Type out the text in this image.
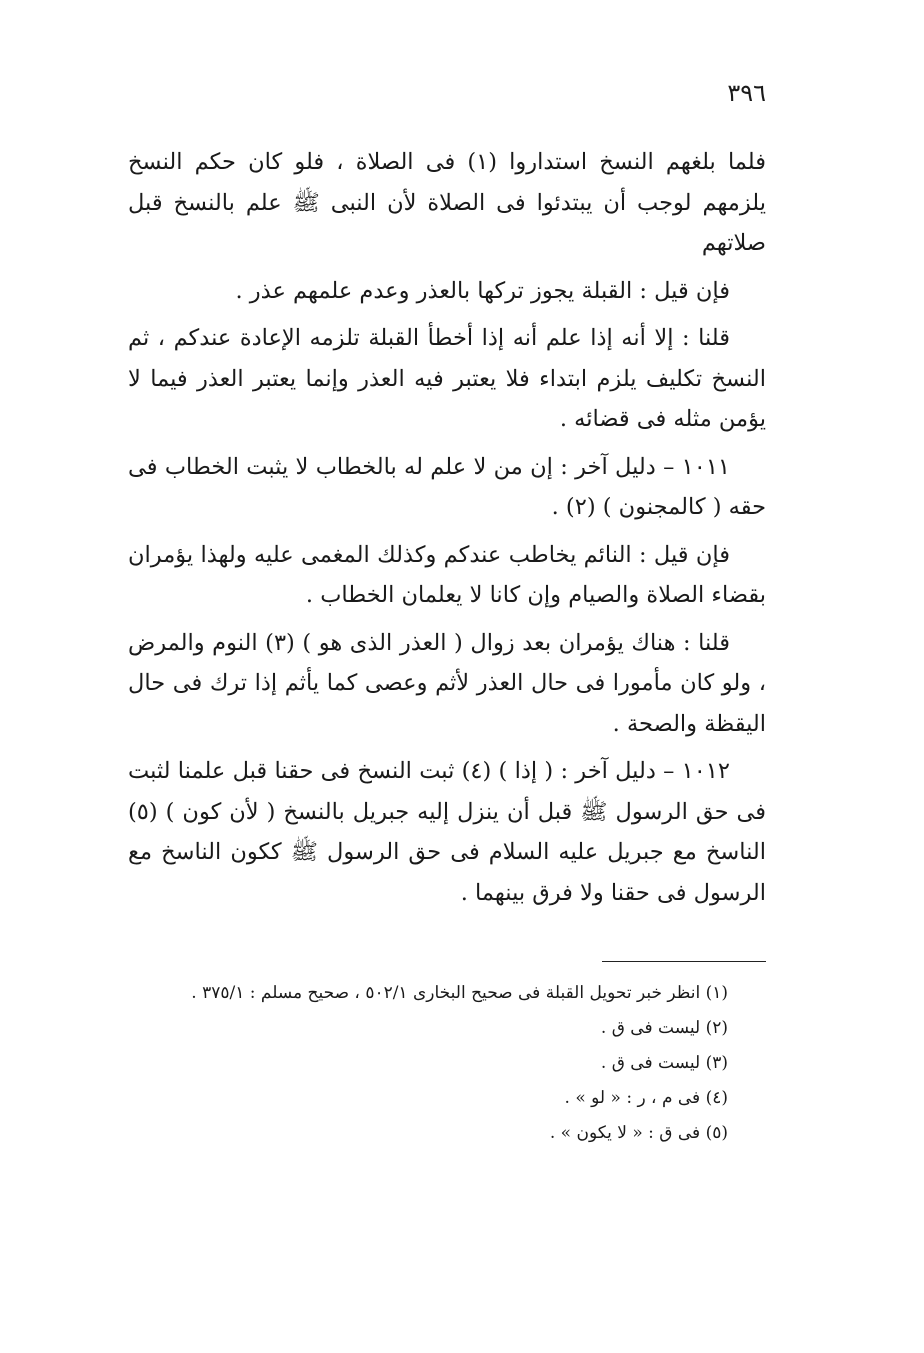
٣٩٦

فلما بلغهم النسخ استداروا (١) فى الصلاة ، فلو كان حكم النسخ يلزمهم لوجب أن يبتدئوا فى الصلاة لأن النبى ﷺ علم بالنسخ قبل صلاتهم

فإن قيل : القبلة يجوز تركها بالعذر وعدم علمهم عذر .

قلنا : إلا أنه إذا علم أنه إذا أخطأ القبلة تلزمه الإعادة عندكم ، ثم النسخ تكليف يلزم ابتداء فلا يعتبر فيه العذر وإنما يعتبر العذر فيما لا يؤمن مثله فى قضائه .

١٠١١ – دليل آخر : إن من لا علم له بالخطاب لا يثبت الخطاب فى حقه ( كالمجنون ) (٢) .

فإن قيل : النائم يخاطب عندكم وكذلك المغمى عليه ولهذا يؤمران بقضاء الصلاة والصيام وإن كانا لا يعلمان الخطاب .

قلنا : هناك يؤمران بعد زوال ( العذر الذى هو ) (٣) النوم والمرض ، ولو كان مأمورا فى حال العذر لأثم وعصى كما يأثم إذا ترك فى حال اليقظة والصحة .

١٠١٢ – دليل آخر : ( إذا ) (٤) ثبت النسخ فى حقنا قبل علمنا لثبت فى حق الرسول ﷺ قبل أن ينزل إليه جبريل بالنسخ ( لأن كون ) (٥) الناسخ مع جبريل عليه السلام فى حق الرسول ﷺ ككون الناسخ مع الرسول فى حقنا ولا فرق بينهما .

(١) انظر خبر تحويل القبلة فى صحيح البخارى ٥٠٢/١ ، صحيح مسلم : ٣٧٥/١ .

(٢) ليست فى ق .

(٣) ليست فى ق .

(٤) فى م ، ر : « لو » .

(٥) فى ق : « لا يكون » .
